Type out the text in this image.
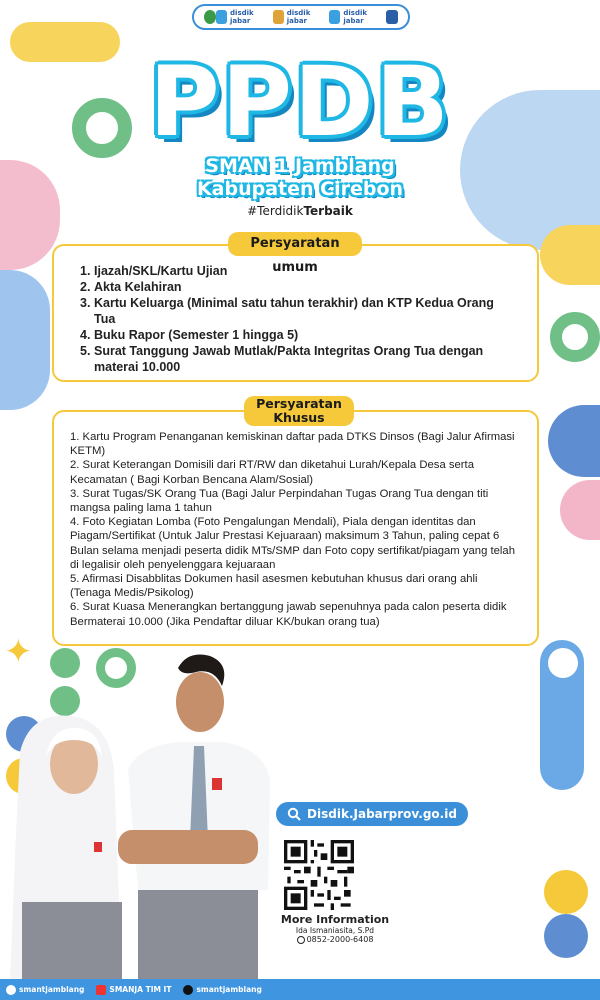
✦
disdik jabar
disdik jabar
disdik jabar
PPDB
SMAN 1 Jamblang
Kabupaten Cirebon
#TerdidikTerbaik
Persyaratan umum
1. Ijazah/SKL/Kartu Ujian
2. Akta Kelahiran
3. Kartu Keluarga (Minimal satu tahun terakhir) dan KTP Kedua Orang Tua
4. Buku Rapor (Semester 1 hingga 5)
5. Surat Tanggung Jawab Mutlak/Pakta Integritas Orang Tua dengan materai 10.000
Persyaratan
Khusus

1. Kartu Program Penanganan kemiskinan daftar pada DTKS Dinsos (Bagi Jalur Afirmasi KETM)

2. Surat Keterangan Domisili dari RT/RW dan diketahui Lurah/Kepala Desa serta Kecamatan ( Bagi Korban Bencana Alam/Sosial)

3. Surat Tugas/SK Orang Tua (Bagi Jalur Perpindahan Tugas Orang Tua dengan titi mangsa paling lama 1 tahun

4. Foto Kegiatan Lomba (Foto Pengalungan Mendali), Piala dengan identitas dan Piagam/Sertifikat (Untuk Jalur Prestasi Kejuaraan) maksimum 3 Tahun, paling cepat 6 Bulan selama menjadi peserta didik MTs/SMP dan Foto copy sertifikat/piagam yang telah di legalisir oleh penyelenggara kejuaraan

5. Afirmasi Disabblitas Dokumen hasil asesmen kebutuhan khusus dari orang ahli (Tenaga Medis/Psikolog)

6. Surat Kuasa Menerangkan bertanggung jawab sepenuhnya pada calon peserta didik Bermaterai 10.000 (Jika Pendaftar diluar KK/bukan orang tua)

Disdik.Jabarprov.go.id
More Information
Ida Ismaniasita, S.Pd
0852-2000-6408
smantjamblang	SMANJA TIM IT	smantjamblang
